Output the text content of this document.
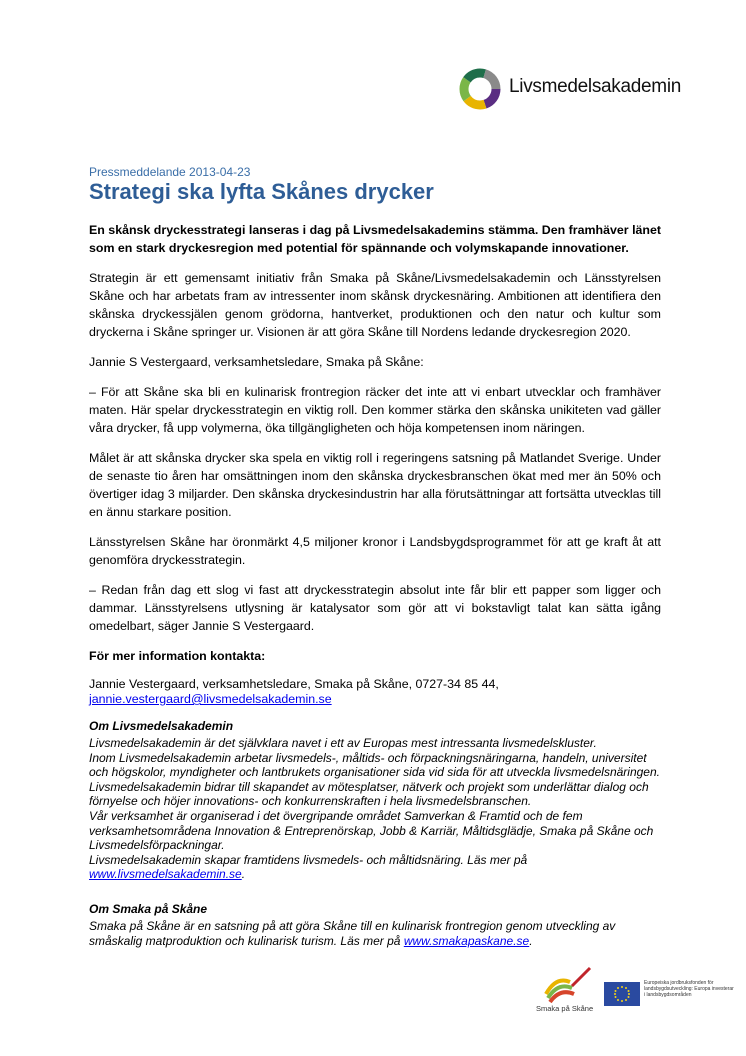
Livsmedelsakademin

Pressmeddelande 2013-04-23

Strategi ska lyfta Skånes drycker

En skånsk dryckesstrategi lanseras i dag på Livsmedelsakademins stämma. Den framhäver länet som en stark dryckesregion med potential för spännande och volymskapande innovationer.

Strategin är ett gemensamt initiativ från Smaka på Skåne/Livsmedelsakademin och Länsstyrelsen Skåne och har arbetats fram av intressenter inom skånsk dryckesnäring. Ambitionen att identifiera den skånska dryckessjälen genom grödorna, hantverket, produktionen och den natur och kultur som dryckerna i Skåne springer ur. Visionen är att göra Skåne till Nordens ledande dryckesregion 2020.

Jannie S Vestergaard, verksamhetsledare, Smaka på Skåne:

– För att Skåne ska bli en kulinarisk frontregion räcker det inte att vi enbart utvecklar och framhäver maten. Här spelar dryckesstrategin en viktig roll. Den kommer stärka den skånska unikiteten vad gäller våra drycker, få upp volymerna, öka tillgängligheten och höja kompetensen inom näringen.

Målet är att skånska drycker ska spela en viktig roll i regeringens satsning på Matlandet Sverige. Under de senaste tio åren har omsättningen inom den skånska dryckesbranschen ökat med mer än 50% och övertiger idag 3 miljarder. Den skånska dryckesindustrin har alla förutsättningar att fortsätta utvecklas till en ännu starkare position.

Länsstyrelsen Skåne har öronmärkt 4,5 miljoner kronor i Landsbygdsprogrammet för att ge kraft åt att genomföra dryckesstrategin.

– Redan från dag ett slog vi fast att dryckesstrategin absolut inte får blir ett papper som ligger och dammar. Länsstyrelsens utlysning är katalysator som gör att vi bokstavligt talat kan sätta igång omedelbart, säger Jannie S Vestergaard.

För mer information kontakta:

Jannie Vestergaard, verksamhetsledare, Smaka på Skåne, 0727-34 85 44,
jannie.vestergaard@livsmedelsakademin.se

Om Livsmedelsakademin

Livsmedelsakademin är det självklara navet i ett av Europas mest intressanta livsmedelskluster.

Inom Livsmedelsakademin arbetar livsmedels-, måltids- och förpackningsnäringarna, handeln, universitet och högskolor, myndigheter och lantbrukets organisationer sida vid sida för att utveckla livsmedelsnäringen. Livsmedelsakademin bidrar till skapandet av mötesplatser, nätverk och projekt som underlättar dialog och förnyelse och höjer innovations- och konkurrenskraften i hela livsmedelsbranschen.

Vår verksamhet är organiserad i det övergripande området Samverkan & Framtid och de fem verksamhetsområdena Innovation & Entreprenörskap, Jobb & Karriär, Måltidsglädje, Smaka på Skåne och Livsmedelsförpackningar.

Livsmedelsakademin skapar framtidens livsmedels- och måltidsnäring. Läs mer på
www.livsmedelsakademin.se.

Om Smaka på Skåne

Smaka på Skåne är en satsning på att göra Skåne till en kulinarisk frontregion genom utveckling av småskalig matproduktion och kulinarisk turism. Läs mer på www.smakapaskane.se.

Smaka på Skåne
Europeiska jordbruksfonden för landsbygdsutveckling: Europa investerar i landsbygdsområden
